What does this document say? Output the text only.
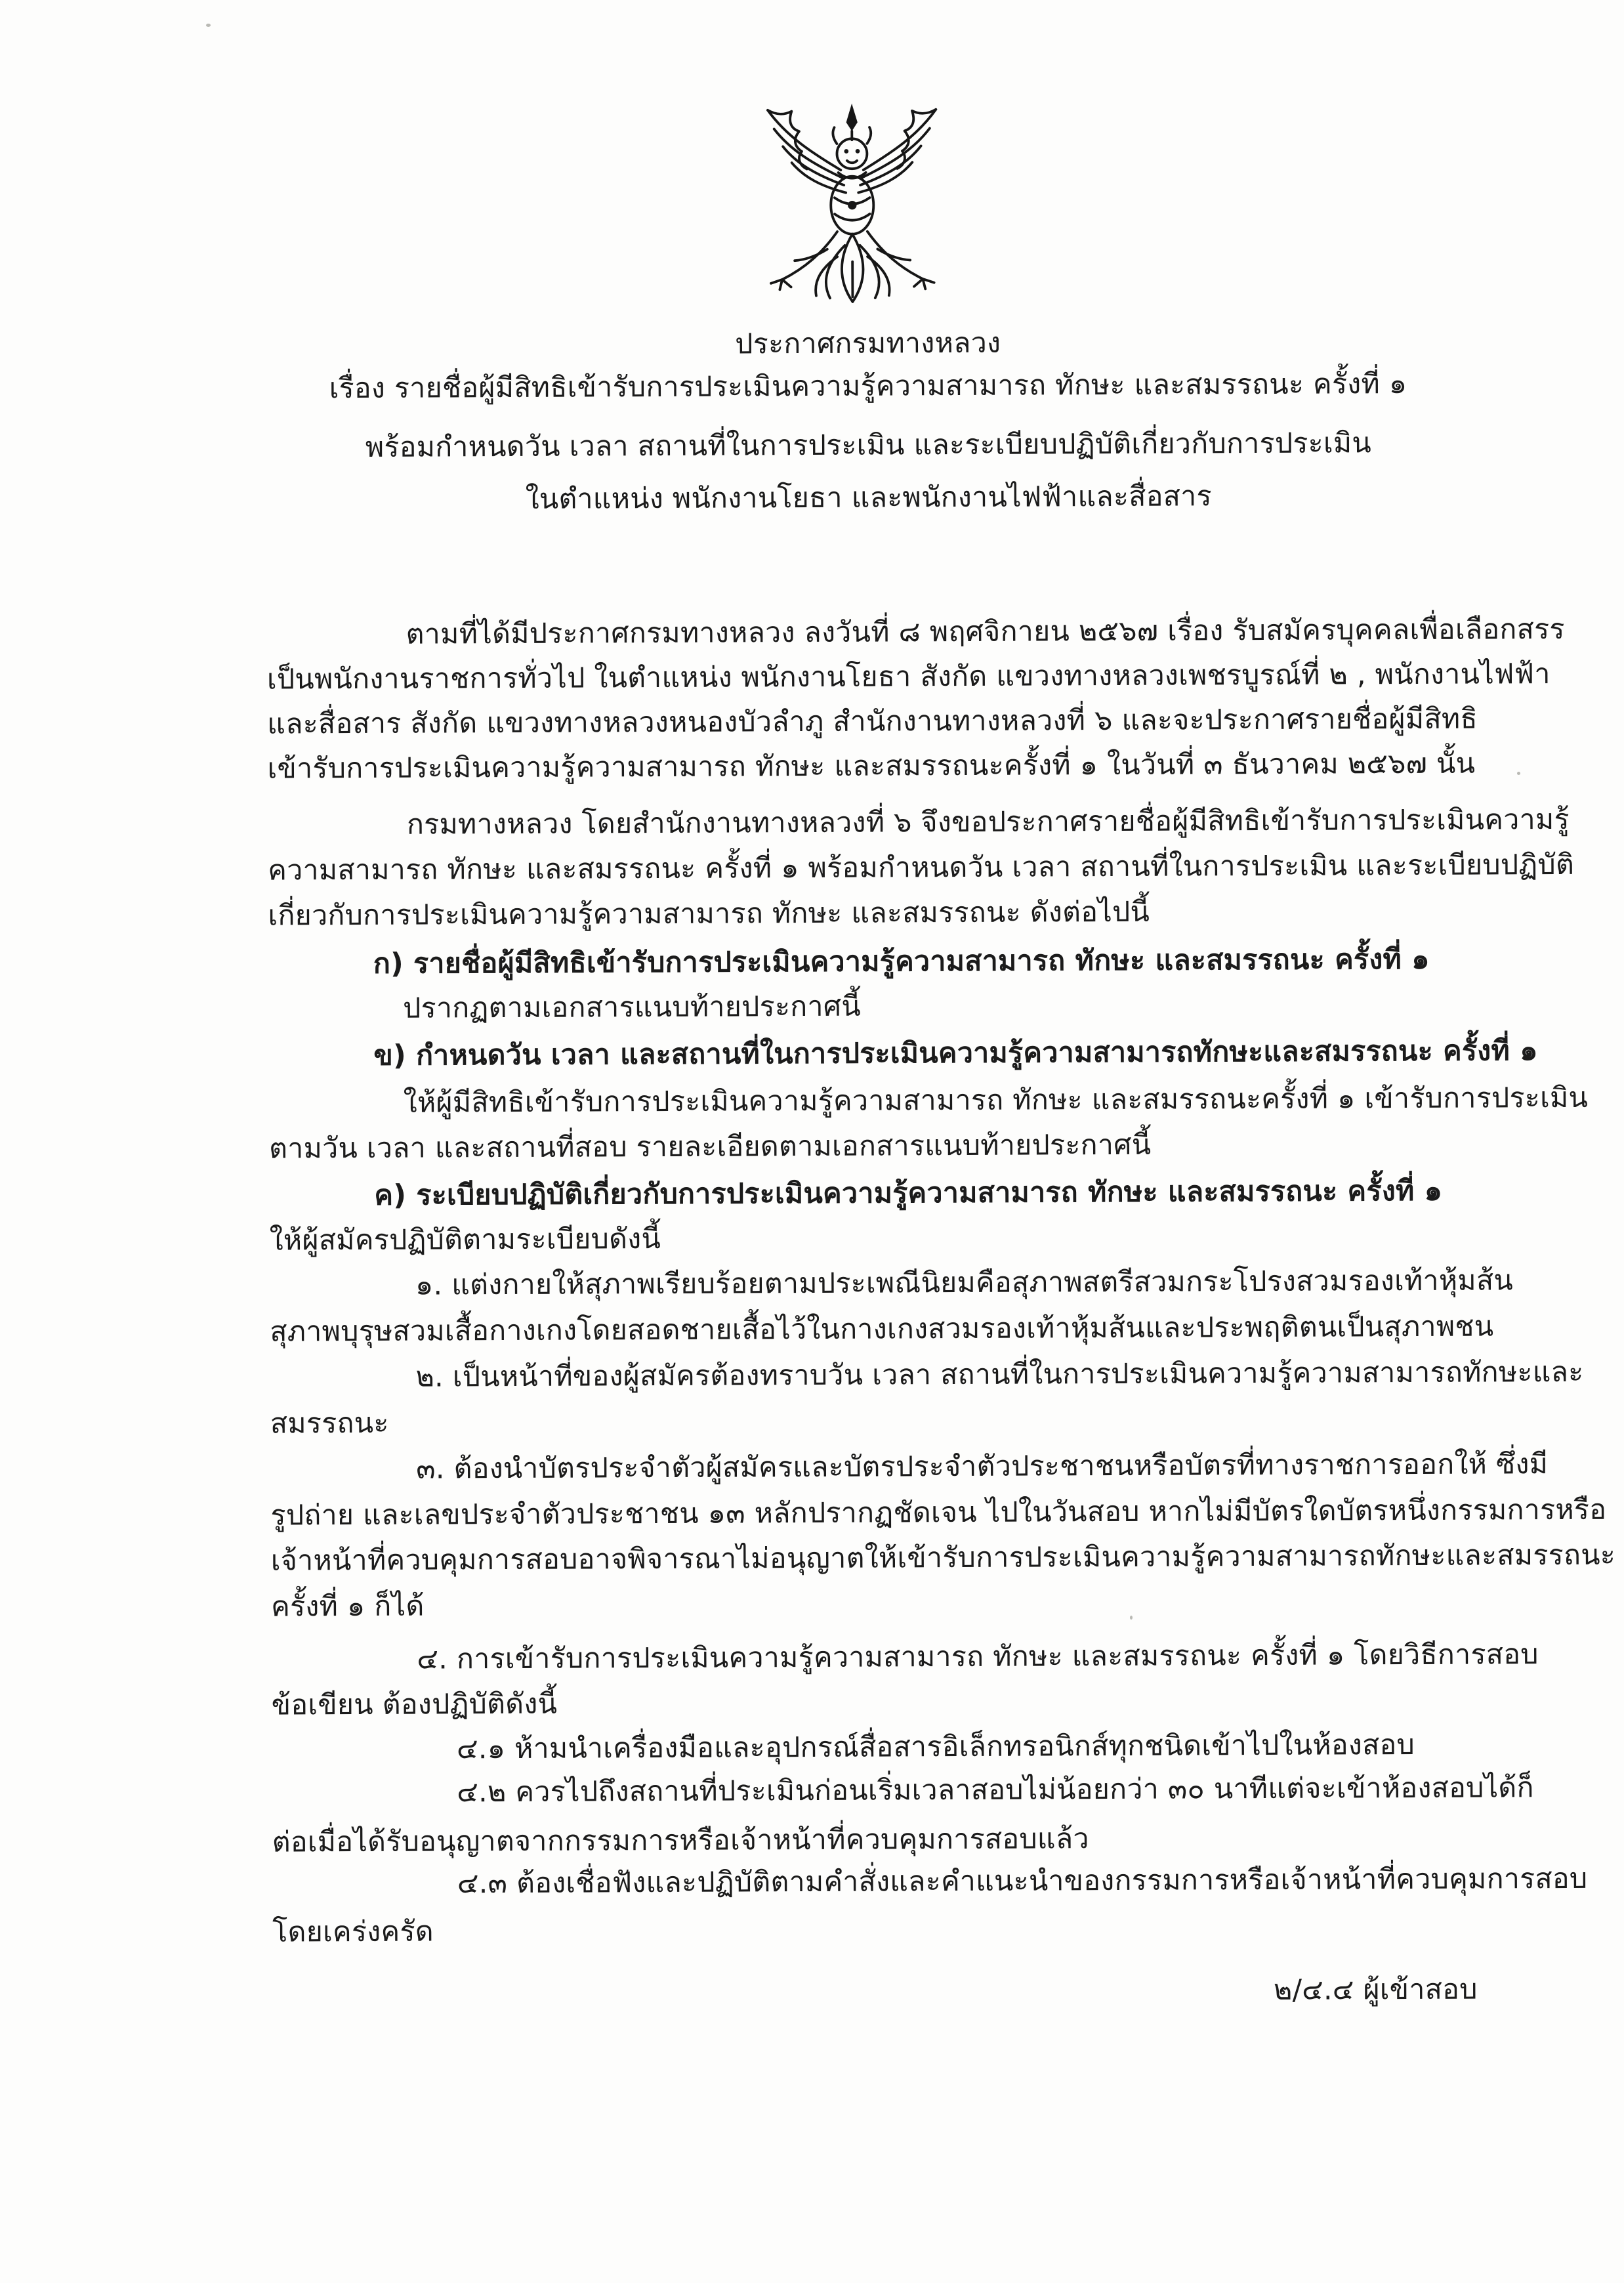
ประกาศกรมทางหลวง
เรื่อง รายชื่อผู้มีสิทธิเข้ารับการประเมินความรู้ความสามารถ ทักษะ และสมรรถนะ ครั้งที่ ๑
พร้อมกำหนดวัน เวลา สถานที่ในการประเมิน และระเบียบปฏิบัติเกี่ยวกับการประเมิน
ในตำแหน่ง พนักงานโยธา และพนักงานไฟฟ้าและสื่อสาร
ตามที่ได้มีประกาศกรมทางหลวง ลงวันที่ ๘ พฤศจิกายน ๒๕๖๗ เรื่อง รับสมัครบุคคลเพื่อเลือกสรร
เป็นพนักงานราชการทั่วไป ในตำแหน่ง พนักงานโยธา สังกัด แขวงทางหลวงเพชรบูรณ์ที่ ๒ , พนักงานไฟฟ้า
และสื่อสาร สังกัด แขวงทางหลวงหนองบัวลำภู สำนักงานทางหลวงที่ ๖ และจะประกาศรายชื่อผู้มีสิทธิ
เข้ารับการประเมินความรู้ความสามารถ ทักษะ และสมรรถนะครั้งที่ ๑ ในวันที่ ๓ ธันวาคม ๒๕๖๗ นั้น
กรมทางหลวง โดยสำนักงานทางหลวงที่ ๖ จึงขอประกาศรายชื่อผู้มีสิทธิเข้ารับการประเมินความรู้
ความสามารถ ทักษะ และสมรรถนะ ครั้งที่ ๑ พร้อมกำหนดวัน เวลา สถานที่ในการประเมิน และระเบียบปฏิบัติ
เกี่ยวกับการประเมินความรู้ความสามารถ ทักษะ และสมรรถนะ ดังต่อไปนี้
ก) รายชื่อผู้มีสิทธิเข้ารับการประเมินความรู้ความสามารถ ทักษะ และสมรรถนะ ครั้งที่ ๑
ปรากฏตามเอกสารแนบท้ายประกาศนี้
ข) กำหนดวัน เวลา และสถานที่ในการประเมินความรู้ความสามารถทักษะและสมรรถนะ ครั้งที่ ๑
ให้ผู้มีสิทธิเข้ารับการประเมินความรู้ความสามารถ ทักษะ และสมรรถนะครั้งที่ ๑ เข้ารับการประเมิน
ตามวัน เวลา และสถานที่สอบ รายละเอียดตามเอกสารแนบท้ายประกาศนี้
ค) ระเบียบปฏิบัติเกี่ยวกับการประเมินความรู้ความสามารถ ทักษะ และสมรรถนะ ครั้งที่ ๑
ให้ผู้สมัครปฏิบัติตามระเบียบดังนี้
๑. แต่งกายให้สุภาพเรียบร้อยตามประเพณีนิยมคือสุภาพสตรีสวมกระโปรงสวมรองเท้าหุ้มส้น
สุภาพบุรุษสวมเสื้อกางเกงโดยสอดชายเสื้อไว้ในกางเกงสวมรองเท้าหุ้มส้นและประพฤติตนเป็นสุภาพชน
๒. เป็นหน้าที่ของผู้สมัครต้องทราบวัน เวลา สถานที่ในการประเมินความรู้ความสามารถทักษะและ
สมรรถนะ
๓. ต้องนำบัตรประจำตัวผู้สมัครและบัตรประจำตัวประชาชนหรือบัตรที่ทางราชการออกให้ ซึ่งมี
รูปถ่าย และเลขประจำตัวประชาชน ๑๓ หลักปรากฏชัดเจน ไปในวันสอบ หากไม่มีบัตรใดบัตรหนึ่งกรรมการหรือ
เจ้าหน้าที่ควบคุมการสอบอาจพิจารณาไม่อนุญาตให้เข้ารับการประเมินความรู้ความสามารถทักษะและสมรรถนะ
ครั้งที่ ๑ ก็ได้
๔. การเข้ารับการประเมินความรู้ความสามารถ ทักษะ และสมรรถนะ ครั้งที่ ๑ โดยวิธีการสอบ
ข้อเขียน ต้องปฏิบัติดังนี้
๔.๑ ห้ามนำเครื่องมือและอุปกรณ์สื่อสารอิเล็กทรอนิกส์ทุกชนิดเข้าไปในห้องสอบ
๔.๒ ควรไปถึงสถานที่ประเมินก่อนเริ่มเวลาสอบไม่น้อยกว่า ๓๐ นาทีแต่จะเข้าห้องสอบได้ก็
ต่อเมื่อได้รับอนุญาตจากกรรมการหรือเจ้าหน้าที่ควบคุมการสอบแล้ว
๔.๓ ต้องเชื่อฟังและปฏิบัติตามคำสั่งและคำแนะนำของกรรมการหรือเจ้าหน้าที่ควบคุมการสอบ
โดยเคร่งครัด
๒/๔.๔ ผู้เข้าสอบ
